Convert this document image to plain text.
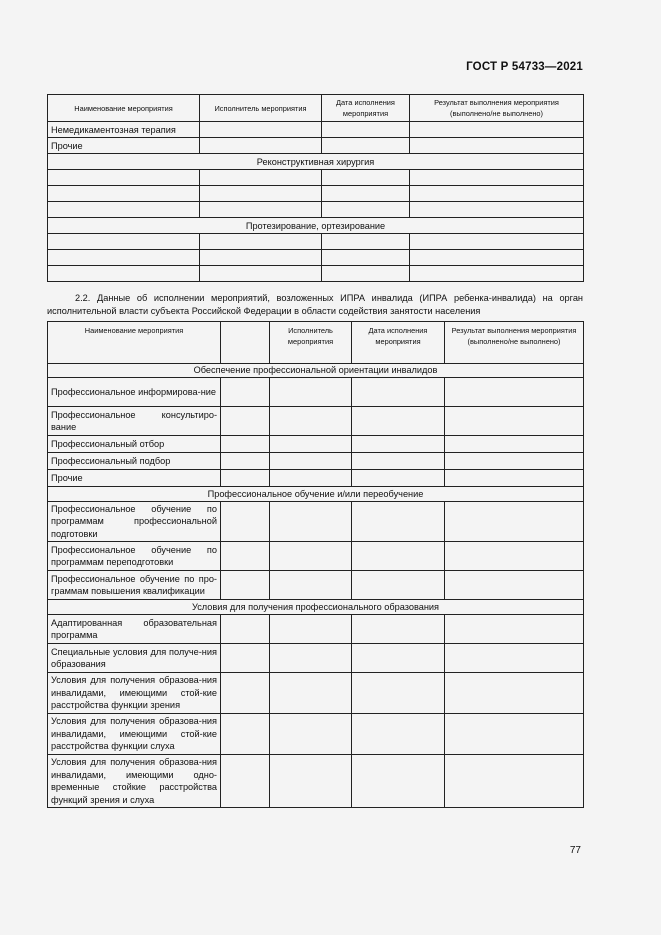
ГОСТ Р 54733—2021
Наименование мероприятия	Исполнитель мероприятия	Дата исполнения мероприятия	Результат выполнения мероприятия (выполнено/не выполнено)
Немедикаментозная терапия			
Прочие			
Реконструктивная хирургия			

Протезирование, ортезирование			

2.2. Данные об исполнении мероприятий, возложенных ИПРА инвалида (ИПРА ребенка-инвалида) на орган исполнительной власти субъекта Российской Федерации в области содействия занятости населения
Наименование мероприятия		Исполнитель мероприятия	Дата исполнения мероприятия	Результат выполнения мероприятия (выполнено/не выполнено)
Обеспечение профессиональной ориентации инвалидов				
Профессиональное информирова-ние				
Профессиональное консультиро-вание				
Профессиональный отбор				
Профессиональный подбор				
Прочие				
Профессиональное обучение и/или переобучение				
Профессиональное обучение по программам профессиональной подготовки				
Профессиональное обучение по программам переподготовки				
Профессиональное обучение по про-граммам повышения квалификации				
Условия для получения профессионального образования				
Адаптированная образовательная программа				
Специальные условия для получе-ния образования				
Условия для получения образова-ния инвалидами, имеющими стой-кие расстройства функции зрения				
Условия для получения образова-ния инвалидами, имеющими стой-кие расстройства функции слуха				
Условия для получения образова-ния инвалидами, имеющими одно-временные стойкие расстройства функций зрения и слуха				
77
